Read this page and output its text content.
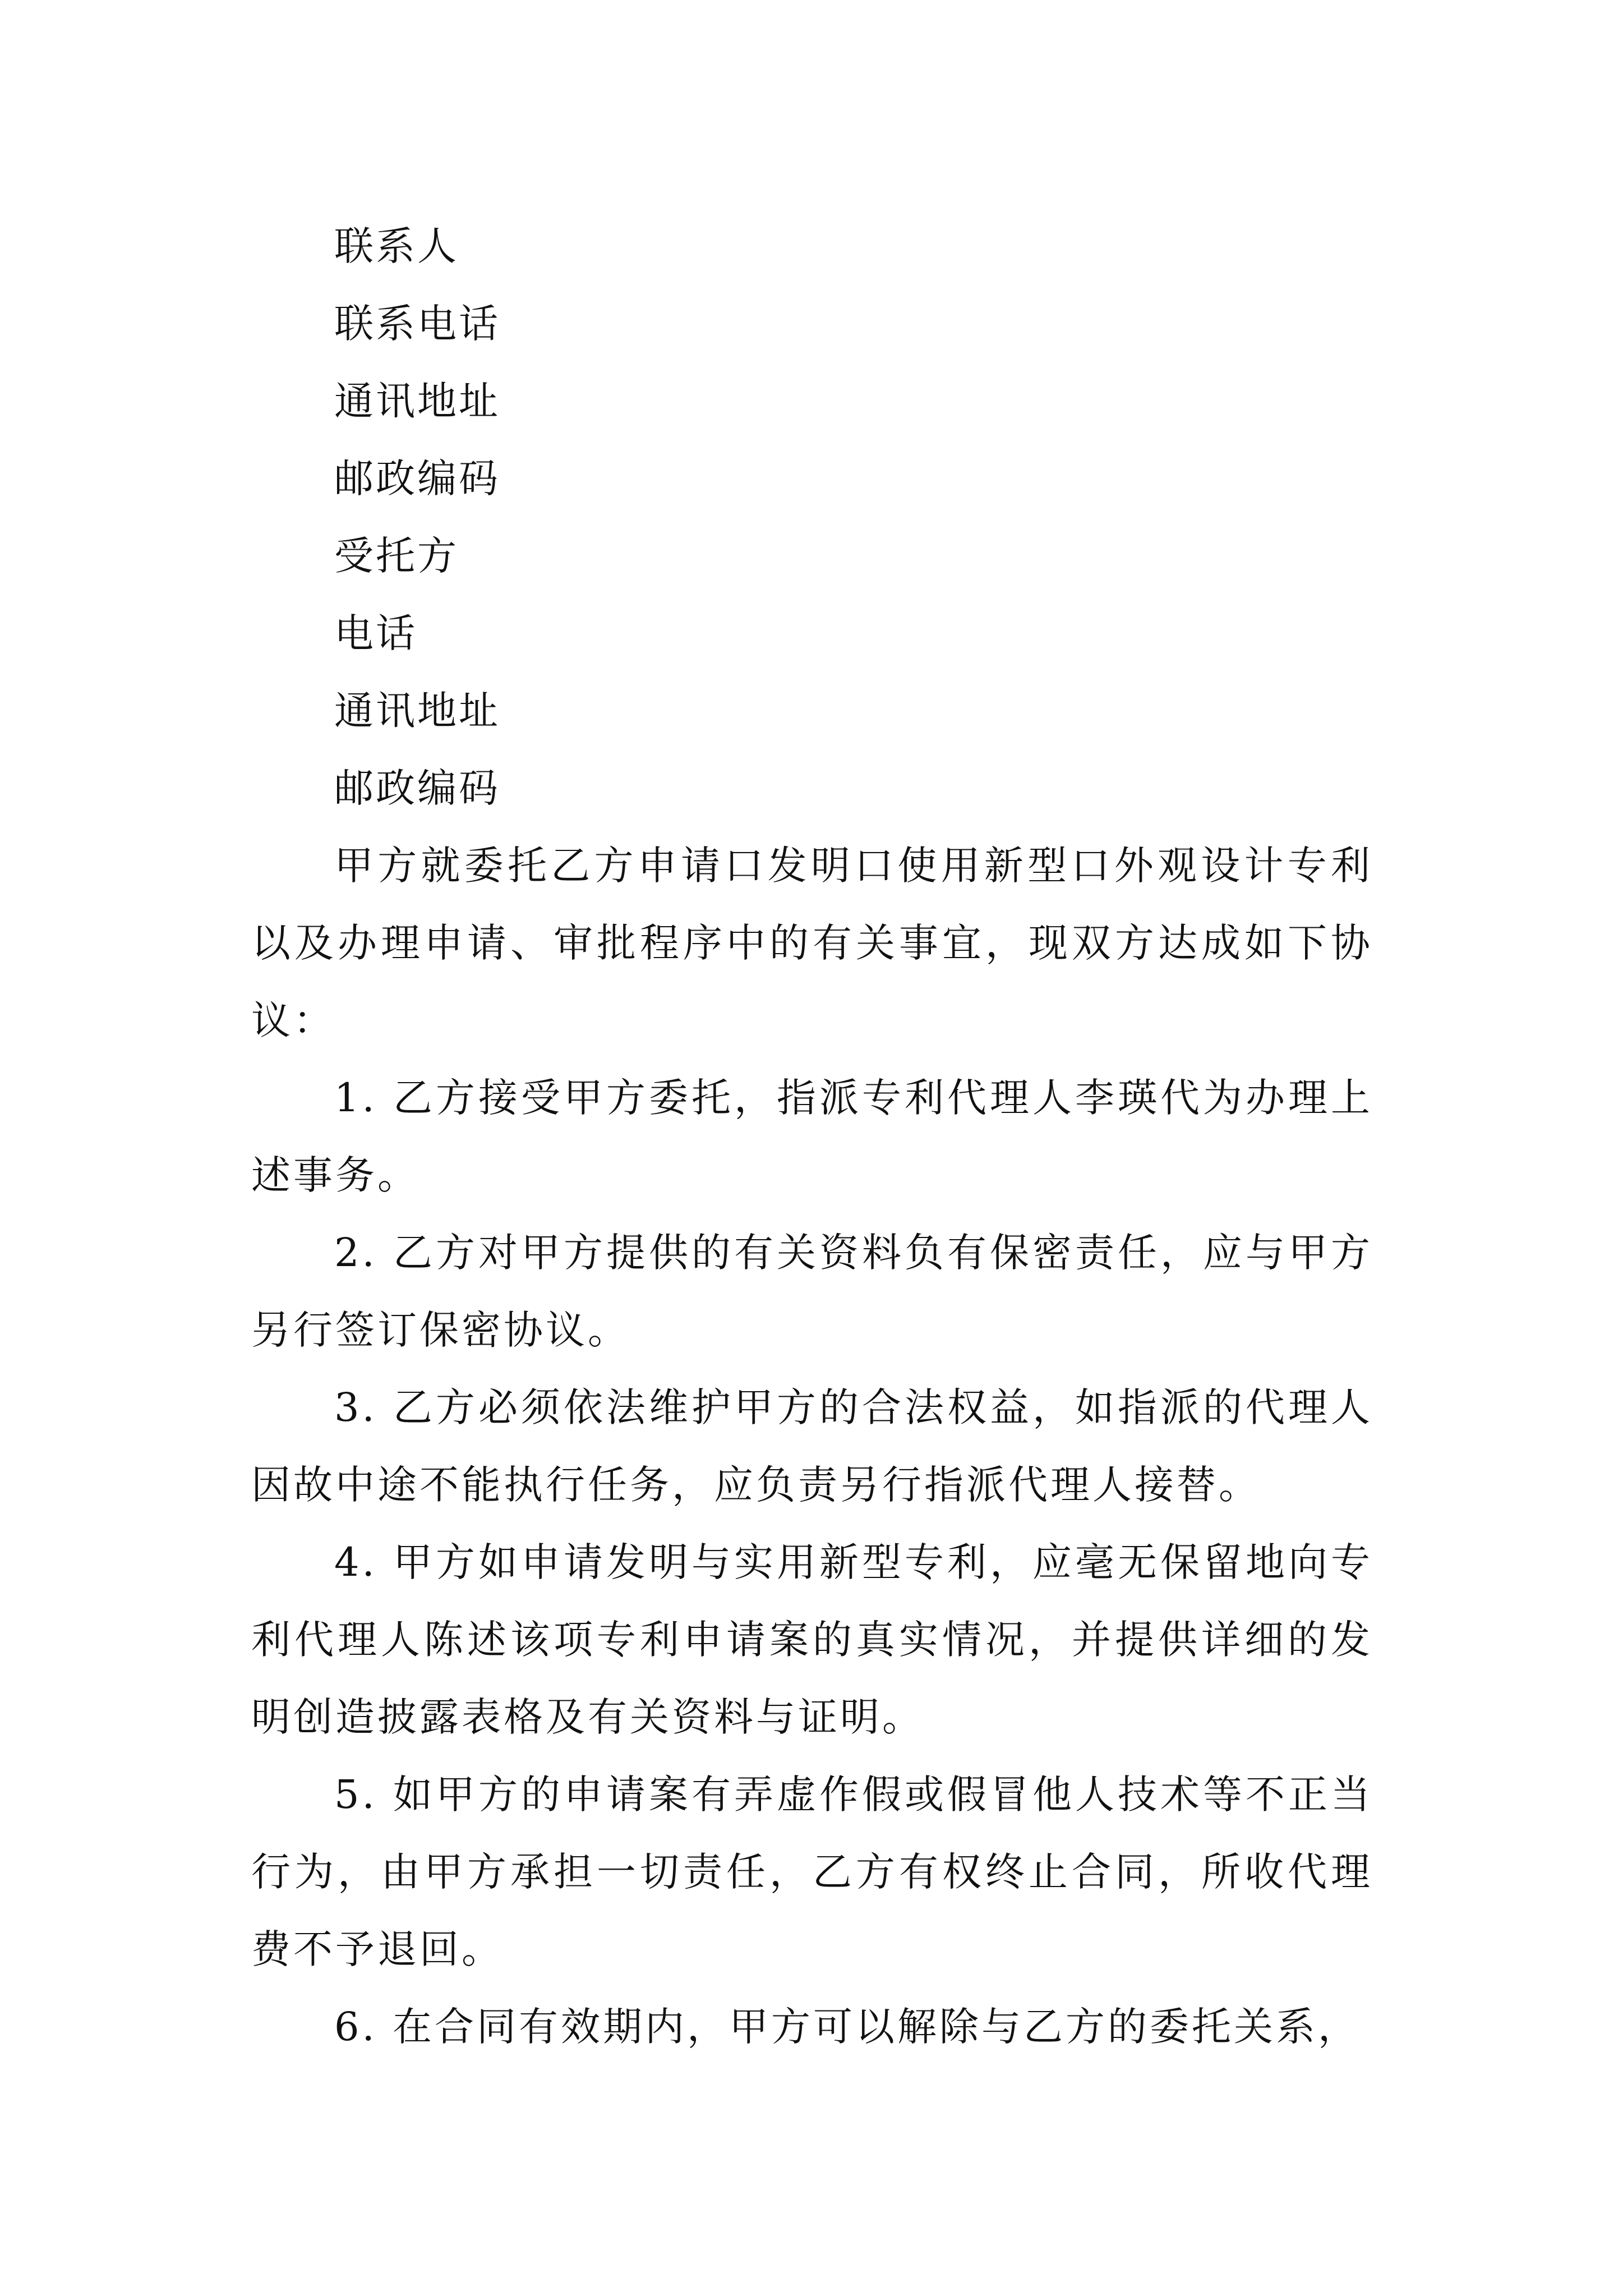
联系人
联系电话
通讯地址
邮政编码
受托方
电话
通讯地址
邮政编码

甲方就委托乙方申请口发明口使用新型口外观设计专利以及办理申请、审批程序中的有关事宜，现双方达成如下协议：

1. 乙方接受甲方委托，指派专利代理人李瑛代为办理上述事务。

2. 乙方对甲方提供的有关资料负有保密责任，应与甲方另行签订保密协议。

3. 乙方必须依法维护甲方的合法权益，如指派的代理人因故中途不能执行任务，应负责另行指派代理人接替。

4. 甲方如申请发明与实用新型专利，应毫无保留地向专利代理人陈述该项专利申请案的真实情况，并提供详细的发明创造披露表格及有关资料与证明。

5. 如甲方的申请案有弄虚作假或假冒他人技术等不正当行为，由甲方承担一切责任，乙方有权终止合同，所收代理费不予退回。

6. 在合同有效期内，甲方可以解除与乙方的委托关系，
